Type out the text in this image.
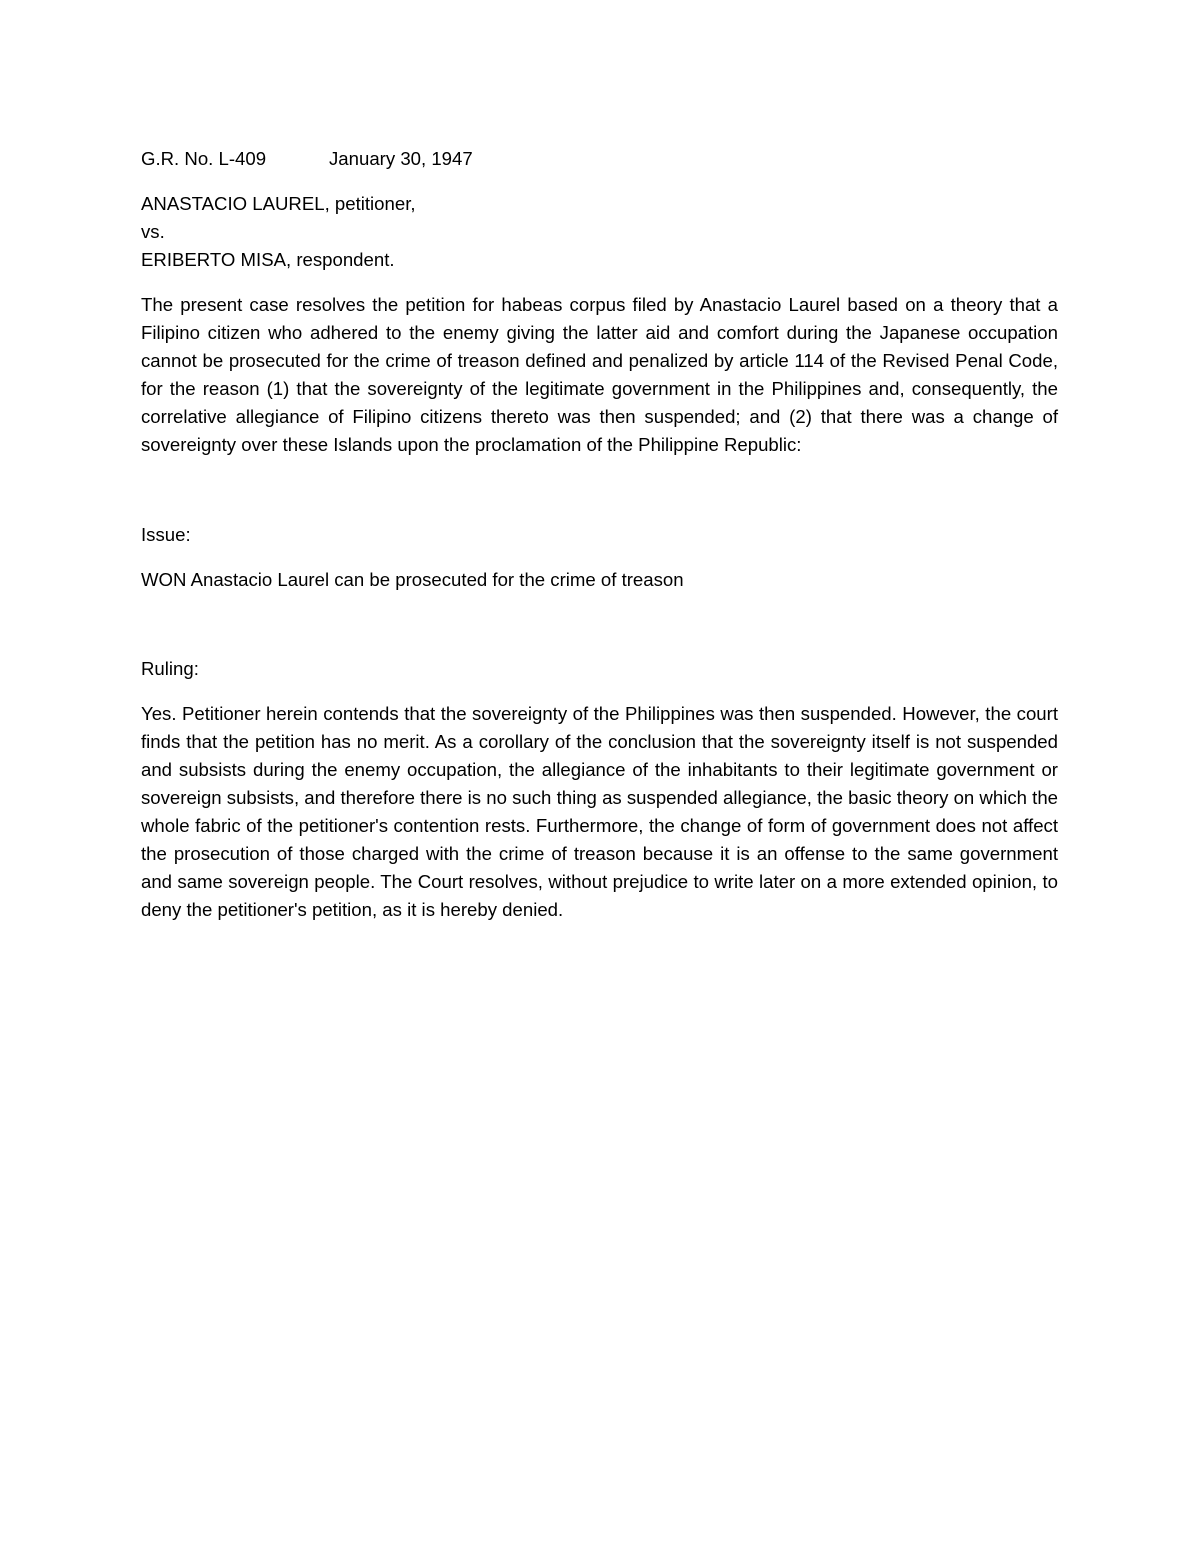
G.R. No. L-409	January 30, 1947

ANASTACIO LAUREL, petitioner,

vs.

ERIBERTO MISA, respondent.

The present case resolves the petition for habeas corpus filed by Anastacio Laurel based on a theory that a Filipino citizen who adhered to the enemy giving the latter aid and comfort during the Japanese occupation cannot be prosecuted for the crime of treason defined and penalized by article 114 of the Revised Penal Code, for the reason (1) that the sovereignty of the legitimate government in the Philippines and, consequently, the correlative allegiance of Filipino citizens thereto was then suspended; and (2) that there was a change of sovereignty over these Islands upon the proclamation of the Philippine Republic:

Issue:

WON Anastacio Laurel can be prosecuted for the crime of treason

Ruling:

Yes. Petitioner herein contends that the sovereignty of the Philippines was then suspended. However, the court finds that the petition has no merit. As a corollary of the conclusion that the sovereignty itself is not suspended and subsists during the enemy occupation, the allegiance of the inhabitants to their legitimate government or sovereign subsists, and therefore there is no such thing as suspended allegiance, the basic theory on which the whole fabric of the petitioner's contention rests. Furthermore, the change of form of government does not affect the prosecution of those charged with the crime of treason because it is an offense to the same government and same sovereign people. The Court resolves, without prejudice to write later on a more extended opinion, to deny the petitioner's petition, as it is hereby denied.
